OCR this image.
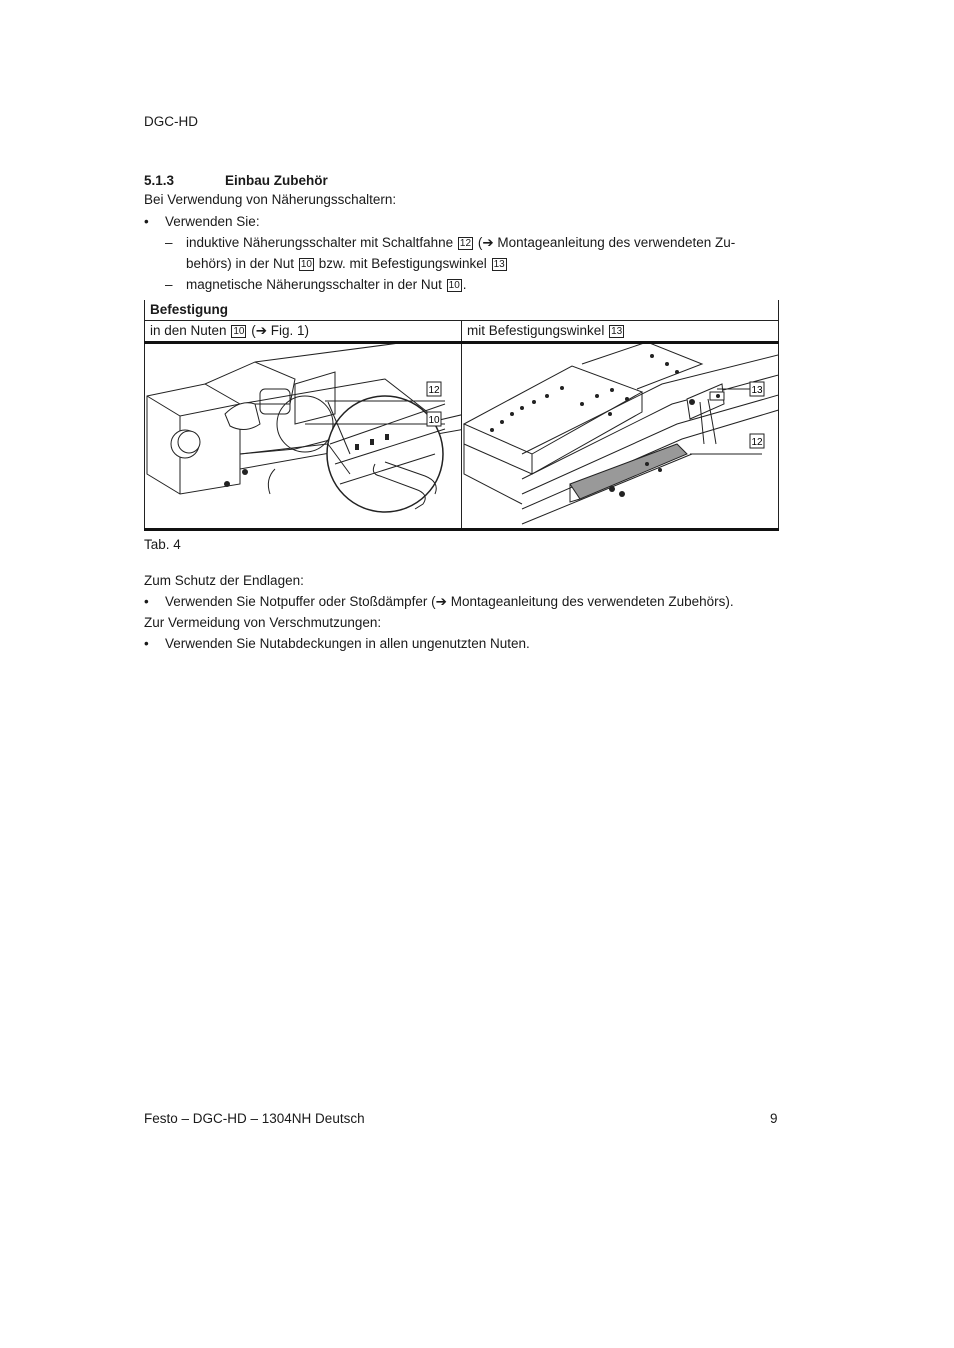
DGC-HD
5.1.3	Einbau Zubehör
Bei Verwendung von Näherungsschaltern:
• Verwenden Sie:
– induktive Näherungsschalter mit Schaltfahne 12 (➔ Montageanleitung des verwendeten Zu-
behörs) in der Nut 10 bzw. mit Befestigungswinkel 13
– magnetische Näherungsschalter in der Nut 10 .
Befestigung	
in den Nuten 10 (➔ Fig. 1)	mit Befestigungswinkel 13

12
10	13
12
Tab. 4
Zum Schutz der Endlagen:
• Verwenden Sie Notpuffer oder Stoßdämpfer (➔ Montageanleitung des verwendeten Zubehörs).
Zur Vermeidung von Verschmutzungen:
• Verwenden Sie Nutabdeckungen in allen ungenutzten Nuten.
Festo – DGC-HD – 1304NH Deutsch	9
